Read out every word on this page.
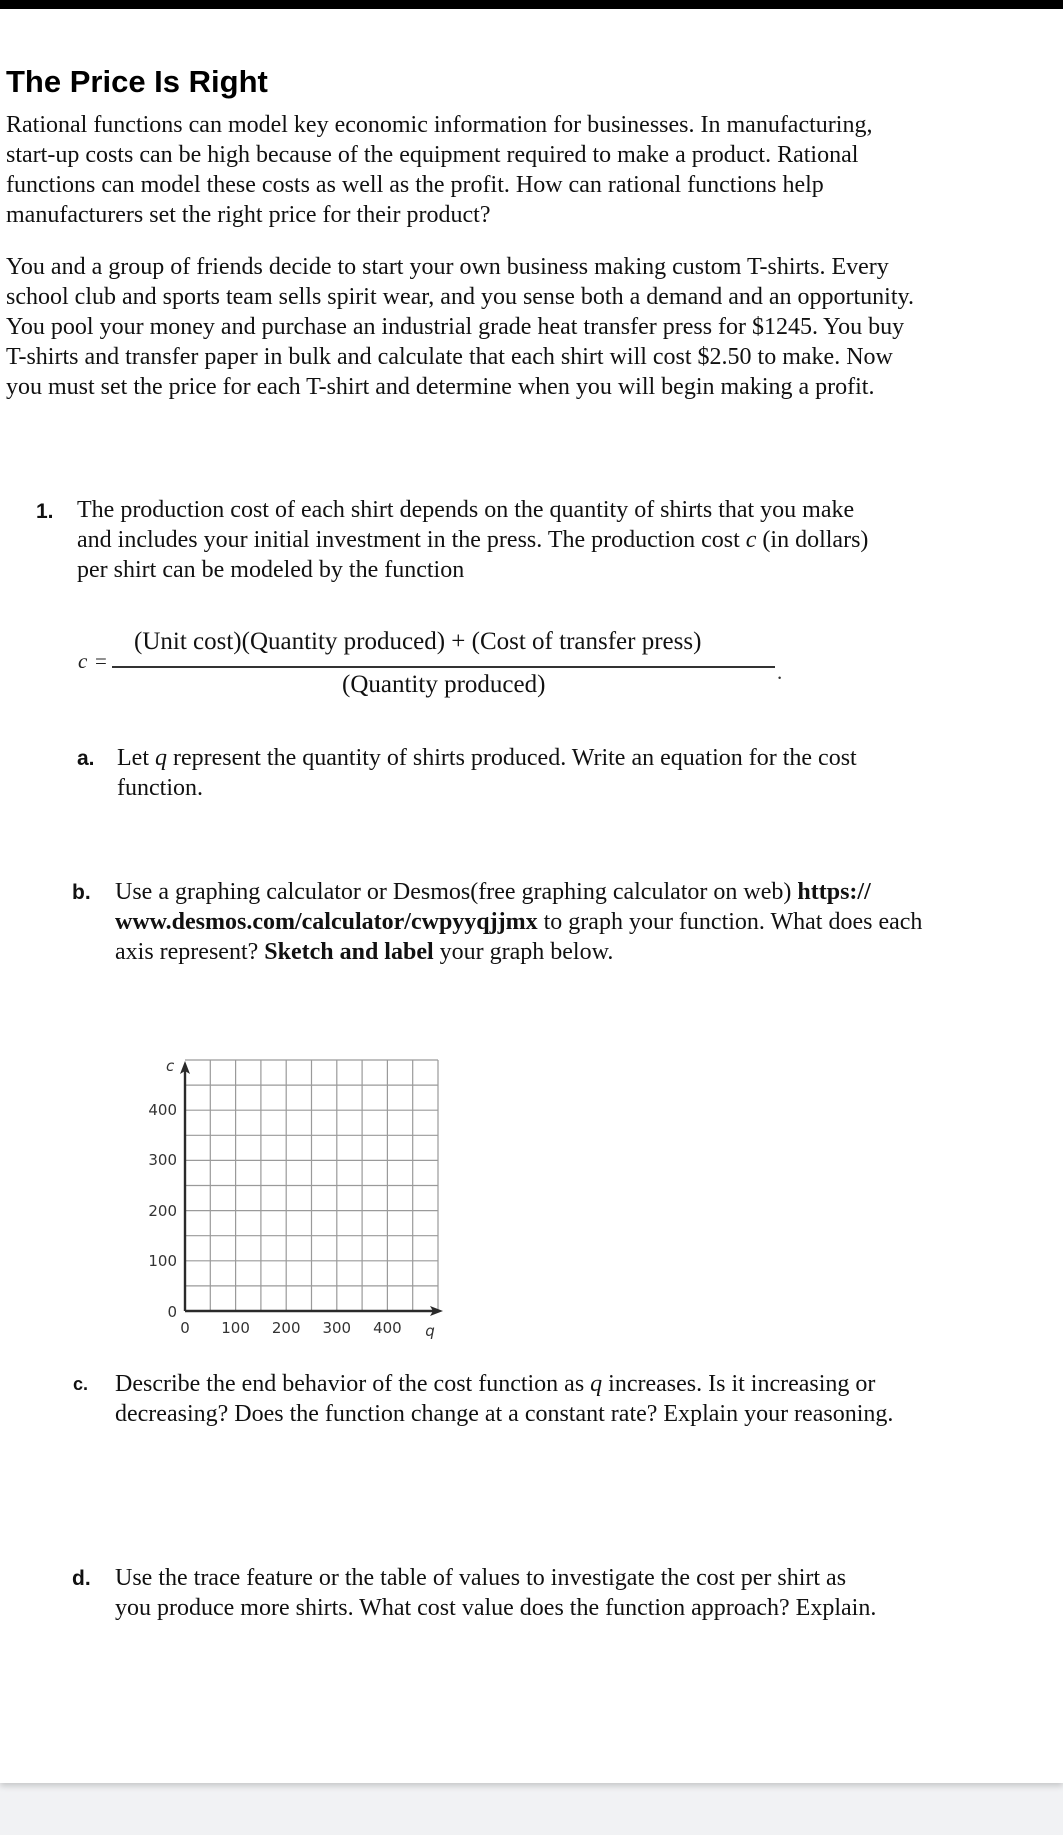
The Price Is Right
Rational functions can model key economic information for businesses. In manufacturing,
start-up costs can be high because of the equipment required to make a product. Rational
functions can model these costs as well as the profit. How can rational functions help
manufacturers set the right price for their product?
You and a group of friends decide to start your own business making custom T-shirts. Every
school club and sports team sells spirit wear, and you sense both a demand and an opportunity.
You pool your money and purchase an industrial grade heat transfer press for $1245. You buy
T-shirts and transfer paper in bulk and calculate that each shirt will cost $2.50 to make. Now
you must set the price for each T-shirt and determine when you will begin making a profit.
1. The production cost of each shirt depends on the quantity of shirts that you make
and includes your initial investment in the press. The production cost c (in dollars)
per shirt can be modeled by the function
c =
(Unit cost)(Quantity produced) + (Cost of transfer press)
(Quantity produced)	.
a. Let q represent the quantity of shirts produced. Write an equation for the cost
function.
b. Use a graphing calculator or Desmos(free graphing calculator on web) https://
www.desmos.com/calculator/cwpyyqjjmx to graph your function. What does each
axis represent? Sketch and label your graph below.
c
400
300
200
100
0
0 100 200 300 400 q
c. Describe the end behavior of the cost function as q increases. Is it increasing or
decreasing? Does the function change at a constant rate? Explain your reasoning.
d. Use the trace feature or the table of values to investigate the cost per shirt as
you produce more shirts. What cost value does the function approach? Explain.
